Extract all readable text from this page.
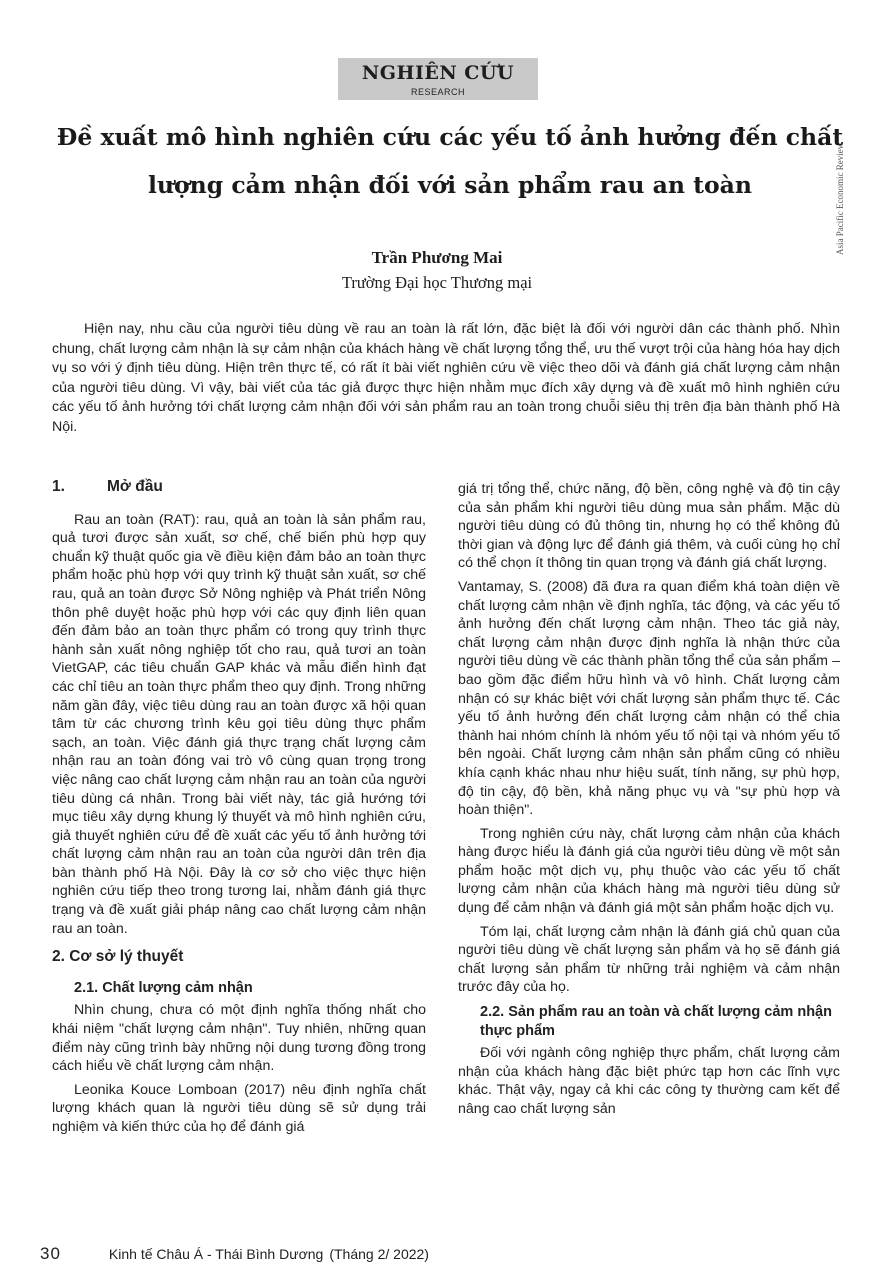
NGHIÊN CỨU
RESEARCH
Asia Pacific Economic Review
Đề xuất mô hình nghiên cứu các yếu tố ảnh hưởng đến chất lượng cảm nhận đối với sản phẩm rau an toàn
Trần Phương Mai
Trường Đại học Thương mại

Hiện nay, nhu cầu của người tiêu dùng về rau an toàn là rất lớn, đặc biệt là đối với người dân các thành phố. Nhìn chung, chất lượng cảm nhận là sự cảm nhận của khách hàng về chất lượng tổng thể, ưu thế vượt trội của hàng hóa hay dịch vụ so với ý định tiêu dùng. Hiện trên thực tế, có rất ít bài viết nghiên cứu về việc theo dõi và đánh giá chất lượng cảm nhận của người tiêu dùng. Vì vậy, bài viết của tác giả được thực hiện nhằm mục đích xây dựng và đề xuất mô hình nghiên cứu các yếu tố ảnh hưởng tới chất lượng cảm nhận đối với sản phẩm rau an toàn trong chuỗi siêu thị trên địa bàn thành phố Hà Nội.

1.	Mở đầu

Rau an toàn (RAT): rau, quả an toàn là sản phẩm rau, quả tươi được sản xuất, sơ chế, chế biến phù hợp quy chuẩn kỹ thuật quốc gia về điều kiện đảm bảo an toàn thực phẩm hoặc phù hợp với quy trình kỹ thuật sản xuất, sơ chế rau, quả an toàn được Sở Nông nghiệp và Phát triển Nông thôn phê duyệt hoặc phù hợp với các quy định liên quan đến đảm bảo an toàn thực phẩm có trong quy trình thực hành sản xuất nông nghiệp tốt cho rau, quả tươi an toàn VietGAP, các tiêu chuẩn GAP khác và mẫu điển hình đạt các chỉ tiêu an toàn thực phẩm theo quy định. Trong những năm gần đây, việc tiêu dùng rau an toàn được xã hội quan tâm từ các chương trình kêu gọi tiêu dùng thực phẩm sạch, an toàn. Việc đánh giá thực trạng chất lượng cảm nhận rau an toàn đóng vai trò vô cùng quan trọng trong việc nâng cao chất lượng cảm nhận rau an toàn của người tiêu dùng cá nhân. Trong bài viết này, tác giả hướng tới mục tiêu xây dựng khung lý thuyết và mô hình nghiên cứu, giả thuyết nghiên cứu để đề xuất các yếu tố ảnh hưởng tới chất lượng cảm nhận rau an toàn của người dân trên địa bàn thành phố Hà Nội. Đây là cơ sở cho việc thực hiện nghiên cứu tiếp theo trong tương lai, nhằm đánh giá thực trạng và đề xuất giải pháp nâng cao chất lượng cảm nhận rau an toàn.

2. Cơ sở lý thuyết
2.1. Chất lượng cảm nhận

Nhìn chung, chưa có một định nghĩa thống nhất cho khái niệm "chất lượng cảm nhận". Tuy nhiên, những quan điểm này cũng trình bày những nội dung tương đồng trong cách hiểu về chất lượng cảm nhận.

Leonika Kouce Lomboan (2017) nêu định nghĩa chất lượng khách quan là người tiêu dùng sẽ sử dụng trải nghiệm và kiến thức của họ để đánh giá

giá trị tổng thể, chức năng, độ bền, công nghệ và độ tin cậy của sản phẩm khi người tiêu dùng mua sản phẩm. Mặc dù người tiêu dùng có đủ thông tin, nhưng họ có thể không đủ thời gian và động lực để đánh giá thêm, và cuối cùng họ chỉ có thể chọn ít thông tin quan trọng và đánh giá chất lượng.

Vantamay, S. (2008) đã đưa ra quan điểm khá toàn diện về chất lượng cảm nhận về định nghĩa, tác động, và các yếu tố ảnh hưởng đến chất lượng cảm nhận. Theo tác giả này, chất lượng cảm nhận được định nghĩa là nhận thức của người tiêu dùng về các thành phần tổng thể của sản phẩm – bao gồm đặc điểm hữu hình và vô hình. Chất lượng cảm nhận có sự khác biệt với chất lượng sản phẩm thực tế. Các yếu tố ảnh hưởng đến chất lượng cảm nhận có thể chia thành hai nhóm chính là nhóm yếu tố nội tại và nhóm yếu tố bên ngoài. Chất lượng cảm nhận sản phẩm cũng có nhiều khía cạnh khác nhau như hiệu suất, tính năng, sự phù hợp, độ tin cậy, độ bền, khả năng phục vụ và "sự phù hợp và hoàn thiện".

Trong nghiên cứu này, chất lượng cảm nhận của khách hàng được hiểu là đánh giá của người tiêu dùng về một sản phẩm hoặc một dịch vụ, phụ thuộc vào các yếu tố chất lượng cảm nhận của khách hàng mà người tiêu dùng sử dụng để cảm nhận và đánh giá một sản phẩm hoặc dịch vụ.

Tóm lại, chất lượng cảm nhận là đánh giá chủ quan của người tiêu dùng về chất lượng sản phẩm và họ sẽ đánh giá chất lượng sản phẩm từ những trải nghiệm và cảm nhận trước đây của họ.

2.2. Sản phẩm rau an toàn và chất lượng cảm nhận thực phẩm

Đối với ngành công nghiệp thực phẩm, chất lượng cảm nhận của khách hàng đặc biệt phức tạp hơn các lĩnh vực khác. Thật vậy, ngay cả khi các công ty thường cam kết để nâng cao chất lượng sản

30	Kinh tế Châu Á - Thái Bình Dương (Tháng 2/ 2022)
